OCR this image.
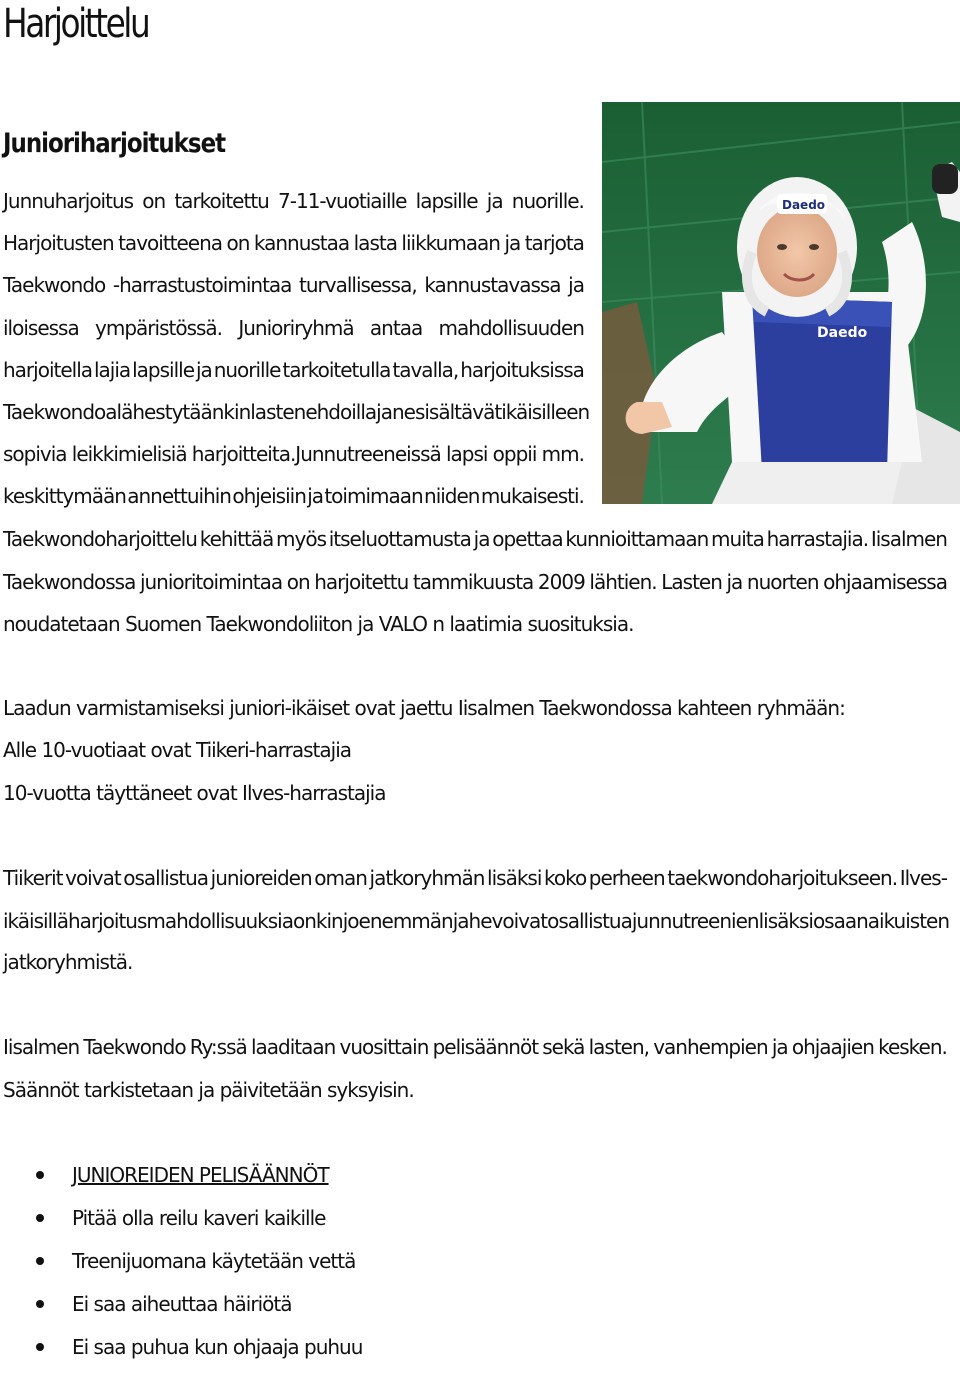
Harjoittelu
Junioriharjoitukset
Junnuharjoitus on tarkoitettu 7-11-vuotiaille lapsille ja nuorille.
Harjoitusten tavoitteena on kannustaa lasta liikkumaan ja tarjota
Taekwondo -harrastustoimintaa turvallisessa, kannustavassa ja
iloisessa ympäristössä. Junioriryhmä antaa mahdollisuuden
harjoitella lajia lapsille ja nuorille tarkoitetulla tavalla, harjoituksissa
Taekwondoa lähestytäänkin lasten ehdoilla ja ne sisältävät ikäisilleen
sopivia leikkimielisiä harjoitteita.Junnutreeneissä lapsi oppii mm.
keskittymään annettuihin ohjeisiin ja toimimaan niiden mukaisesti.
Taekwondoharjoittelu kehittää myös itseluottamusta ja opettaa kunnioittamaan muita harrastajia. Iisalmen
Taekwondossa junioritoimintaa on harjoitettu tammikuusta 2009 lähtien. Lasten ja nuorten ohjaamisessa
noudatetaan Suomen Taekwondoliiton ja VALO n laatimia suosituksia.
Laadun varmistamiseksi juniori-ikäiset ovat jaettu Iisalmen Taekwondossa kahteen ryhmään:
Alle 10-vuotiaat ovat Tiikeri-harrastajia
10-vuotta täyttäneet ovat Ilves-harrastajia
Tiikerit voivat osallistua junioreiden oman jatkoryhmän lisäksi koko perheen taekwondoharjoitukseen. Ilves-
ikäisillä harjoitusmahdollisuuksia onkin jo enemmän ja he voivat osallistua junnutreenien lisäksi osaan aikuisten
jatkoryhmistä.
Iisalmen Taekwondo Ry:ssä laaditaan vuosittain pelisäännöt sekä lasten, vanhempien ja ohjaajien kesken.
Säännöt tarkistetaan ja päivitetään syksyisin.
JUNIOREIDEN PELISÄÄNNÖT
Pitää olla reilu kaveri kaikille
Treenijuomana käytetään vettä
Ei saa aiheuttaa häiriötä
Ei saa puhua kun ohjaaja puhuu
Daedo
Daedo
